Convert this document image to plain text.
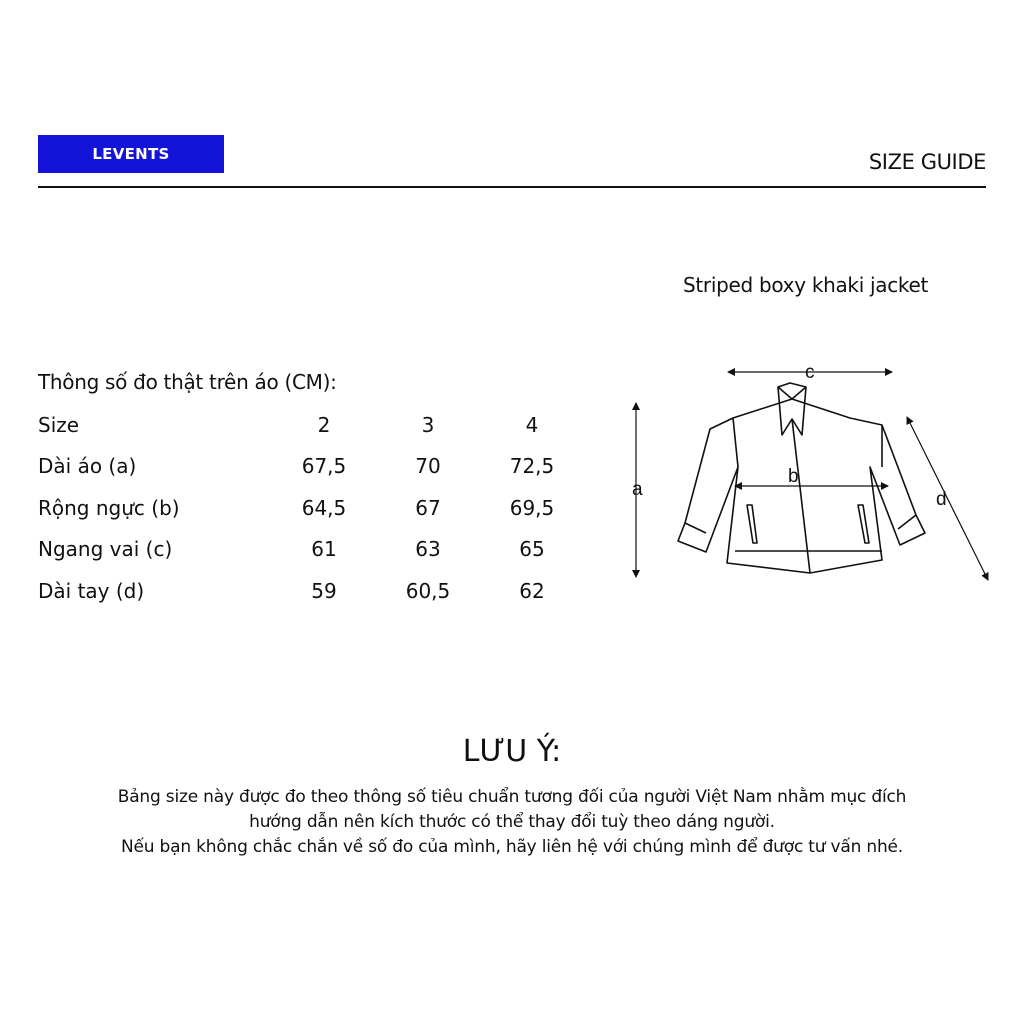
LEVENTS	SIZE GUIDE
Striped boxy khaki jacket
Thông số đo thật trên áo (CM):
Size	2	3	4
Dài áo (a)	67,5	70	72,5
Rộng ngực (b)	64,5	67	69,5
Ngang vai (c)	61	63	65
Dài tay (d)	59	60,5	62
a
b
c
d
LƯU Ý:
Bảng size này được đo theo thông số tiêu chuẩn tương đối của người Việt Nam nhằm mục đích
hướng dẫn nên kích thước có thể thay đổi tuỳ theo dáng người.
Nếu bạn không chắc chắn về số đo của mình, hãy liên hệ với chúng mình để được tư vấn nhé.
